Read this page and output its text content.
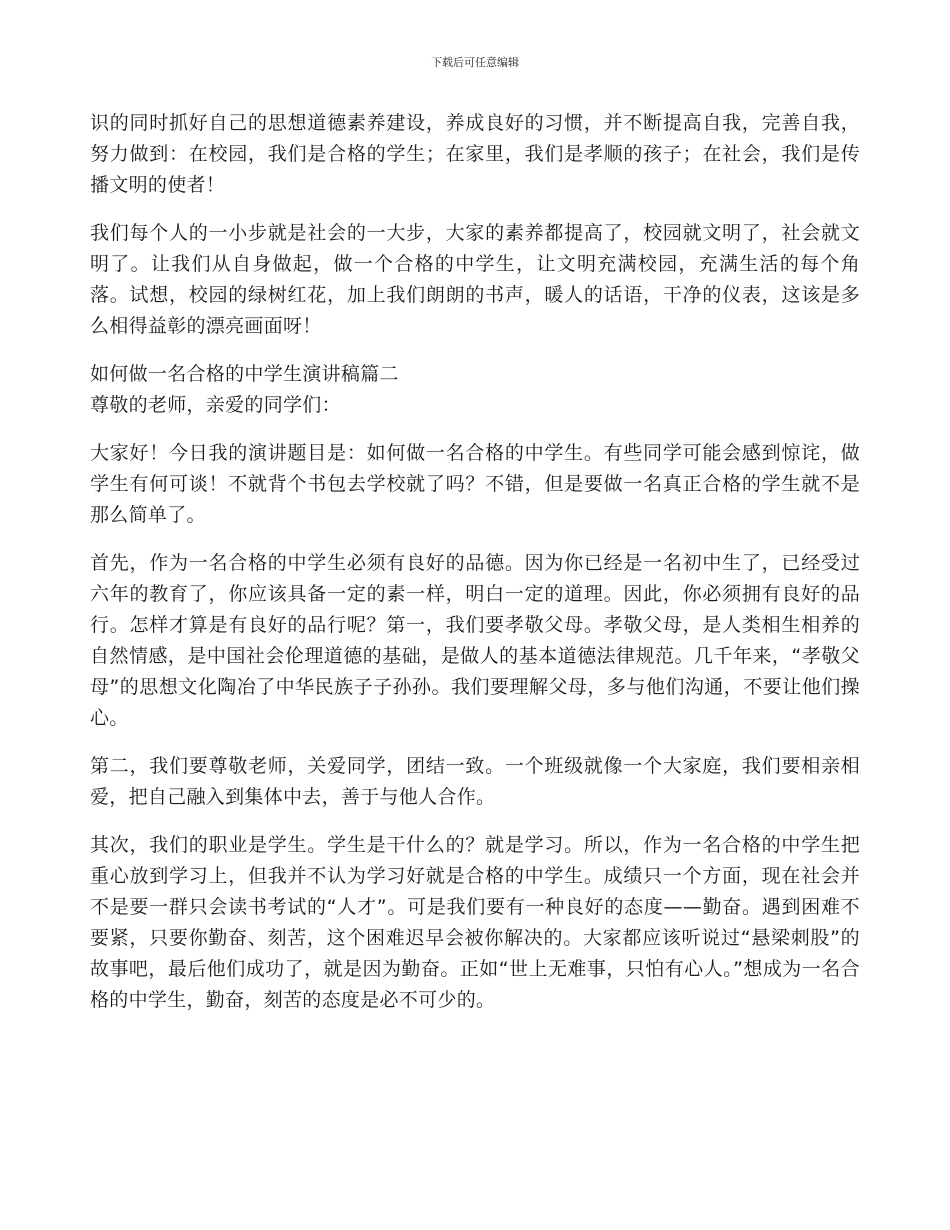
下载后可任意编辑

识的同时抓好自己的思想道德素养建设，养成良好的习惯，并不断提高自我，完善自我，努力做到：在校园，我们是合格的学生；在家里，我们是孝顺的孩子；在社会，我们是传播文明的使者！

我们每个人的一小步就是社会的一大步，大家的素养都提高了，校园就文明了，社会就文明了。让我们从自身做起，做一个合格的中学生，让文明充满校园，充满生活的每个角落。试想，校园的绿树红花，加上我们朗朗的书声，暖人的话语，干净的仪表，这该是多么相得益彰的漂亮画面呀！

如何做一名合格的中学生演讲稿篇二

尊敬的老师，亲爱的同学们：

大家好！今日我的演讲题目是：如何做一名合格的中学生。有些同学可能会感到惊诧，做学生有何可谈！不就背个书包去学校就了吗？不错，但是要做一名真正合格的学生就不是那么简单了。

首先，作为一名合格的中学生必须有良好的品德。因为你已经是一名初中生了，已经受过六年的教育了，你应该具备一定的素一样，明白一定的道理。因此，你必须拥有良好的品行。怎样才算是有良好的品行呢？第一，我们要孝敬父母。孝敬父母，是人类相生相养的自然情感，是中国社会伦理道德的基础，是做人的基本道德法律规范。几千年来，“孝敬父母”的思想文化陶冶了中华民族子子孙孙。我们要理解父母，多与他们沟通，不要让他们操心。

第二，我们要尊敬老师，关爱同学，团结一致。一个班级就像一个大家庭，我们要相亲相爱，把自己融入到集体中去，善于与他人合作。

其次，我们的职业是学生。学生是干什么的？就是学习。所以，作为一名合格的中学生把重心放到学习上，但我并不认为学习好就是合格的中学生。成绩只一个方面，现在社会并不是要一群只会读书考试的“人才”。可是我们要有一种良好的态度——勤奋。遇到困难不要紧，只要你勤奋、刻苦，这个困难迟早会被你解决的。大家都应该听说过“悬梁刺股”的故事吧，最后他们成功了，就是因为勤奋。正如“世上无难事，只怕有心人。”想成为一名合格的中学生，勤奋，刻苦的态度是必不可少的。
